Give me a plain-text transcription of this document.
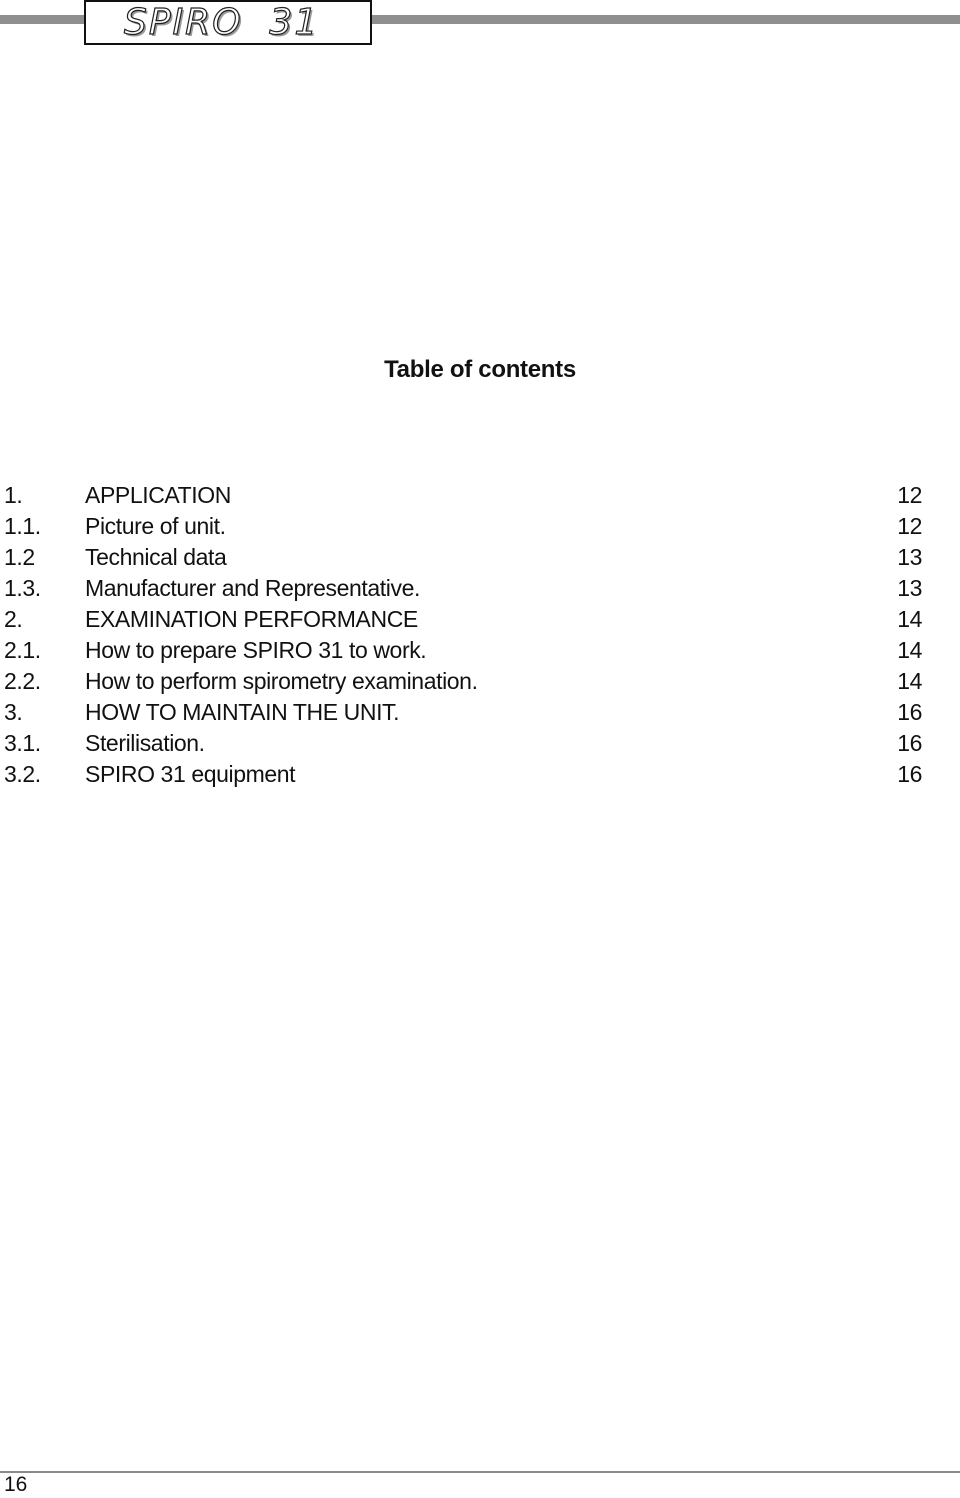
SPIRO  31
Table of contents
1.	APPLICATION	12
1.1. Picture of unit.	12
1.2 Technical data	13
1.3. Manufacturer and Representative.	13
2.	EXAMINATION PERFORMANCE	14
2.1. How to prepare SPIRO 31 to work.	14
2.2. How to perform spirometry examination.	14
3.	HOW TO MAINTAIN THE UNIT.	16
3.1. Sterilisation.	16
3.2. SPIRO 31 equipment	16
16
